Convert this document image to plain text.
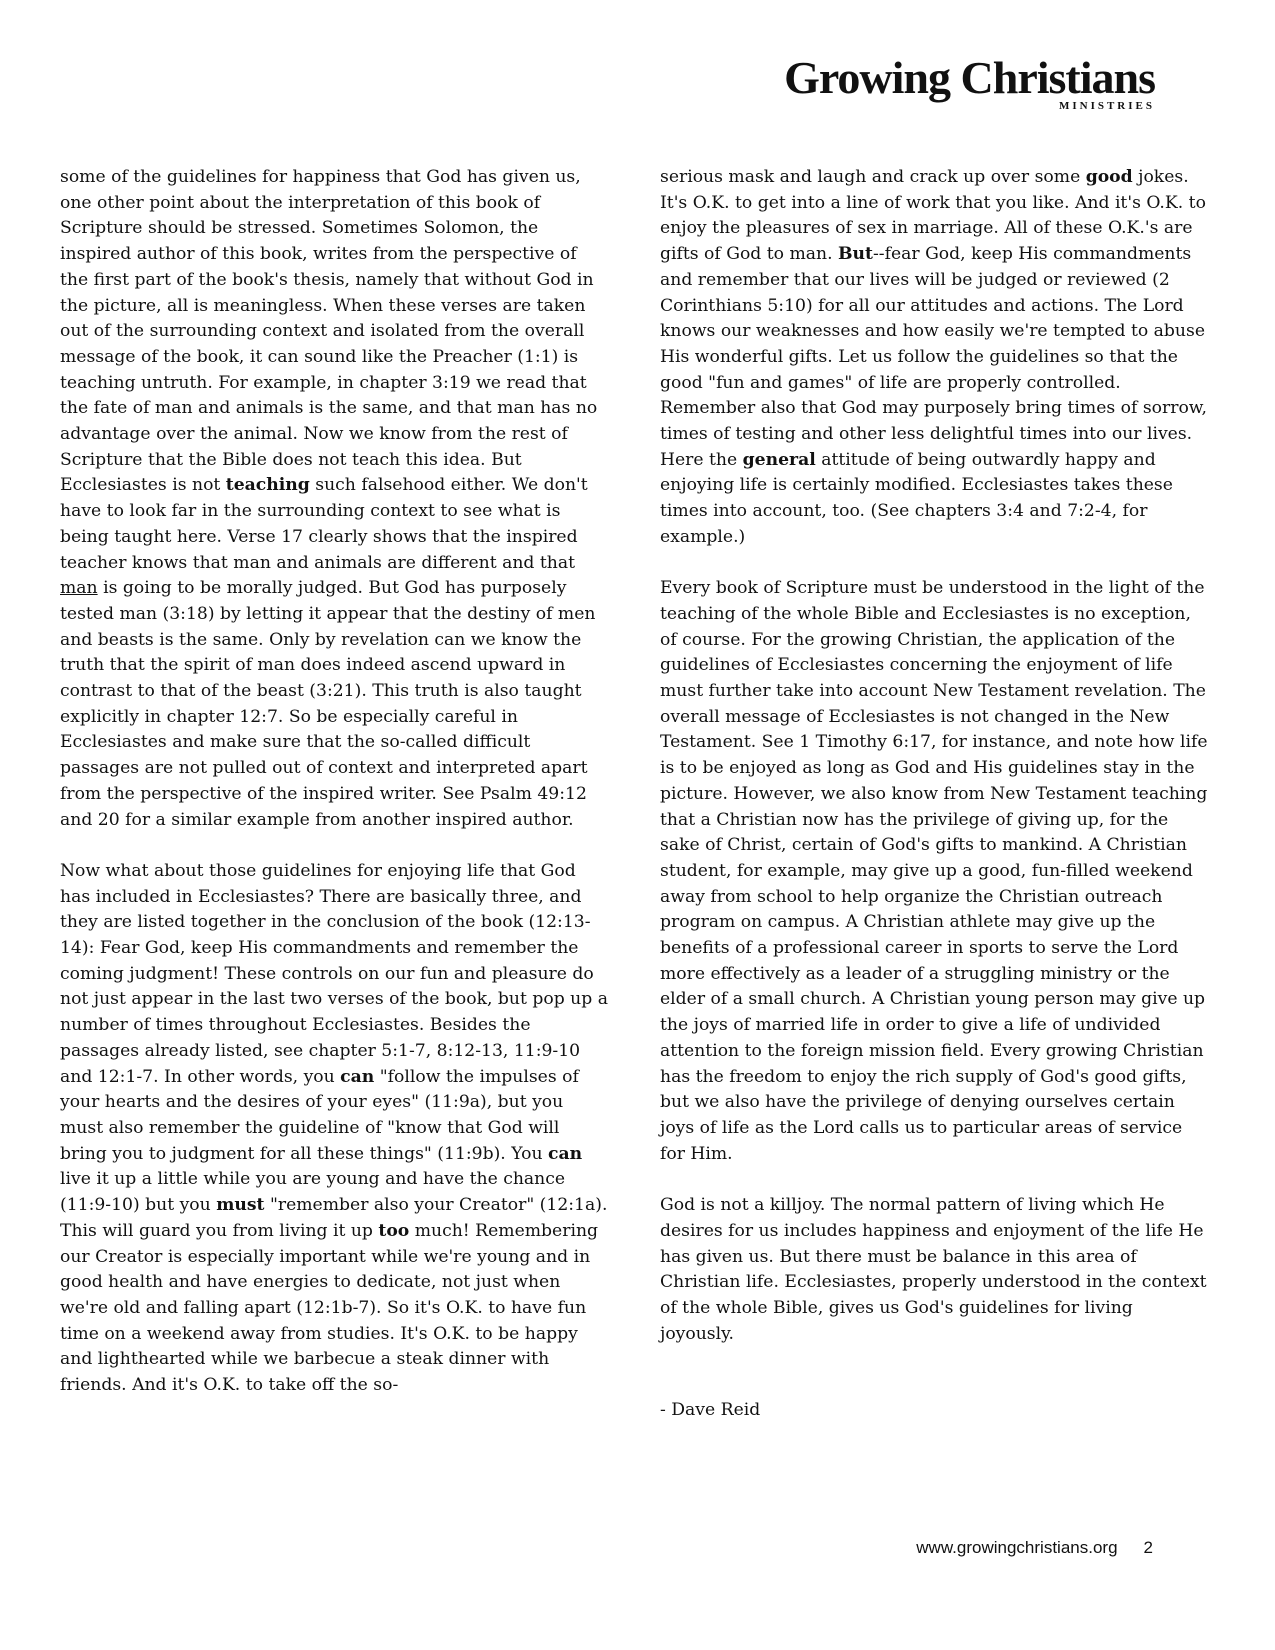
Growing Christians
MINISTRIES

some of the guidelines for happiness that God has given us, one other point about the interpretation of this book of Scripture should be stressed. Sometimes Solomon, the inspired author of this book, writes from the perspective of the first part of the book's thesis, namely that without God in the picture, all is meaningless. When these verses are taken out of the surrounding context and isolated from the overall message of the book, it can sound like the Preacher (1:1) is teaching untruth. For example, in chapter 3:19 we read that the fate of man and animals is the same, and that man has no advantage over the animal. Now we know from the rest of Scripture that the Bible does not teach this idea. But Ecclesiastes is not teaching such falsehood either. We don't have to look far in the surrounding context to see what is being taught here. Verse 17 clearly shows that the inspired teacher knows that man and animals are different and that man is going to be morally judged. But God has purposely tested man (3:18) by letting it appear that the destiny of men and beasts is the same. Only by revelation can we know the truth that the spirit of man does indeed ascend upward in contrast to that of the beast (3:21). This truth is also taught explicitly in chapter 12:7. So be especially careful in Ecclesiastes and make sure that the so-called difficult passages are not pulled out of context and interpreted apart from the perspective of the inspired writer. See Psalm 49:12 and 20 for a similar example from another inspired author.

Now what about those guidelines for enjoying life that God has included in Ecclesiastes? There are basically three, and they are listed together in the conclusion of the book (12:13-14): Fear God, keep His commandments and remember the coming judgment! These controls on our fun and pleasure do not just appear in the last two verses of the book, but pop up a number of times throughout Ecclesiastes. Besides the passages already listed, see chapter 5:1-7, 8:12-13, 11:9-10 and 12:1-7. In other words, you can "follow the impulses of your hearts and the desires of your eyes" (11:9a), but you must also remember the guideline of "know that God will bring you to judgment for all these things" (11:9b). You can live it up a little while you are young and have the chance (11:9-10) but you must "remember also your Creator" (12:1a). This will guard you from living it up too much! Remembering our Creator is especially important while we're young and in good health and have energies to dedicate, not just when we're old and falling apart (12:1b-7). So it's O.K. to have fun time on a weekend away from studies. It's O.K. to be happy and lighthearted while we barbecue a steak dinner with friends. And it's O.K. to take off the so-

serious mask and laugh and crack up over some good jokes. It's O.K. to get into a line of work that you like. And it's O.K. to enjoy the pleasures of sex in marriage. All of these O.K.'s are gifts of God to man. But--fear God, keep His commandments and remember that our lives will be judged or reviewed (2 Corinthians 5:10) for all our attitudes and actions. The Lord knows our weaknesses and how easily we're tempted to abuse His wonderful gifts. Let us follow the guidelines so that the good "fun and games" of life are properly controlled. Remember also that God may purposely bring times of sorrow, times of testing and other less delightful times into our lives. Here the general attitude of being outwardly happy and enjoying life is certainly modified. Ecclesiastes takes these times into account, too. (See chapters 3:4 and 7:2-4, for example.)

Every book of Scripture must be understood in the light of the teaching of the whole Bible and Ecclesiastes is no exception, of course. For the growing Christian, the application of the guidelines of Ecclesiastes concerning the enjoyment of life must further take into account New Testament revelation. The overall message of Ecclesiastes is not changed in the New Testament. See 1 Timothy 6:17, for instance, and note how life is to be enjoyed as long as God and His guidelines stay in the picture. However, we also know from New Testament teaching that a Christian now has the privilege of giving up, for the sake of Christ, certain of God's gifts to mankind. A Christian student, for example, may give up a good, fun-filled weekend away from school to help organize the Christian outreach program on campus. A Christian athlete may give up the benefits of a professional career in sports to serve the Lord more effectively as a leader of a struggling ministry or the elder of a small church. A Christian young person may give up the joys of married life in order to give a life of undivided attention to the foreign mission field. Every growing Christian has the freedom to enjoy the rich supply of God's good gifts, but we also have the privilege of denying ourselves certain joys of life as the Lord calls us to particular areas of service for Him.

God is not a killjoy. The normal pattern of living which He desires for us includes happiness and enjoyment of the life He has given us. But there must be balance in this area of Christian life. Ecclesiastes, properly understood in the context of the whole Bible, gives us God's guidelines for living joyously.

- Dave Reid

www.growingchristians.org 2
